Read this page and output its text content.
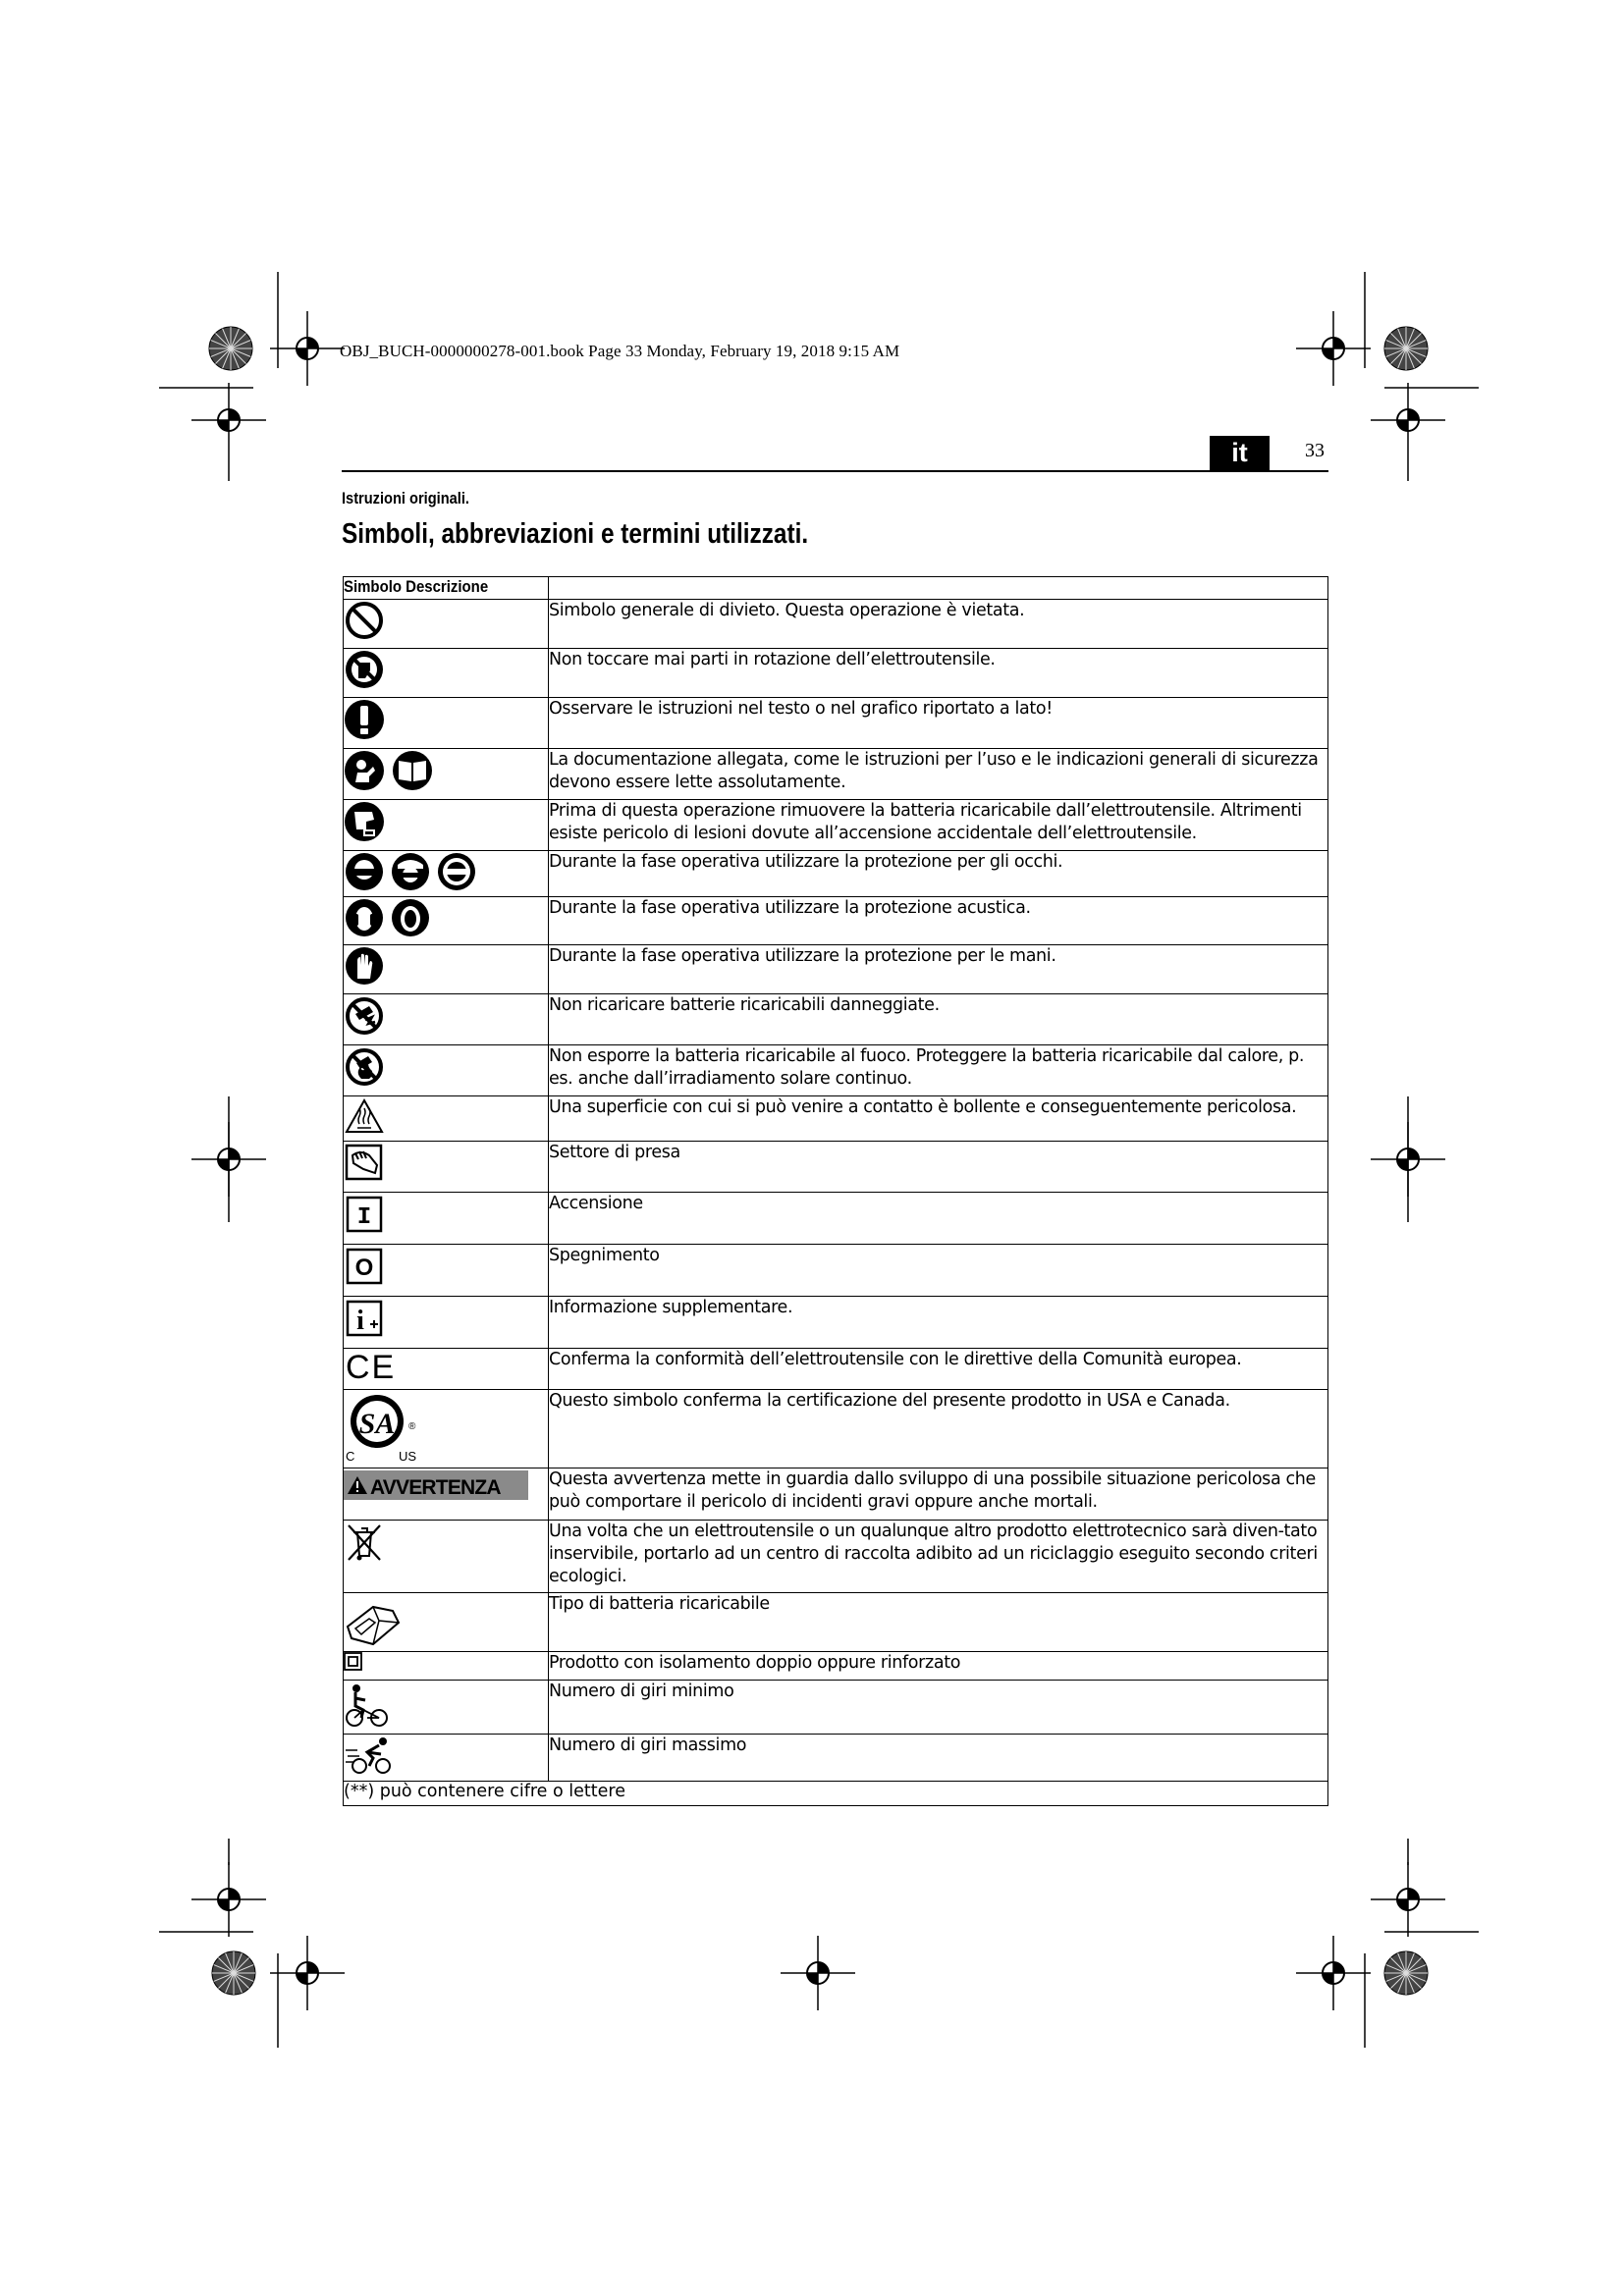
OBJ_BUCH-0000000278-001.book Page 33 Monday, February 19, 2018 9:15 AM
it	33
Istruzioni originali.
Simboli, abbreviazioni e termini utilizzati.
Simbolo Descrizione	

	Simbolo generale di divieto. Questa operazione è vietata.

	Non toccare mai parti in rotazione dell’elettroutensile.

	Osservare le istruzioni nel testo o nel grafico riportato a lato!

	La documentazione allegata, come le istruzioni per l’uso e le indicazioni generali di sicurezza devono essere lette assolutamente.

	Prima di questa operazione rimuovere la batteria ricaricabile dall’elettroutensile. Altrimenti esiste pericolo di lesioni dovute all’accensione accidentale dell’elettroutensile.

	Durante la fase operativa utilizzare la protezione per gli occhi.

	Durante la fase operativa utilizzare la protezione acustica.

	Durante la fase operativa utilizzare la protezione per le mani.

	Non ricaricare batterie ricaricabili danneggiate.

	Non esporre la batteria ricaricabile al fuoco. Proteggere la batteria ricaricabile dal calore, p. es. anche dall’irradiamento solare continuo.

	Una superficie con cui si può venire a contatto è bollente e conseguentemente pericolosa.

	Settore di presa

I	Accensione

O	Spegnimento

i	Informazione supplementare.

CE	Conferma la conformità dell’elettroutensile con le direttive della Comunità europea.

SA ®
C US	Questo simbolo conferma la certificazione del presente prodotto in USA e Canada.

AVVERTENZA	Questa avvertenza mette in guardia dallo sviluppo di una possibile situazione pericolosa che può comportare il pericolo di incidenti gravi oppure anche mortali.

	Una volta che un elettroutensile o un qualunque altro prodotto elettrotecnico sarà diven-tato inservibile, portarlo ad un centro di raccolta adibito ad un riciclaggio eseguito secondo criteri ecologici.

	Tipo di batteria ricaricabile

	Prodotto con isolamento doppio oppure rinforzato

	Numero di giri minimo

	Numero di giri massimo
(**) può contenere cifre o lettere	
